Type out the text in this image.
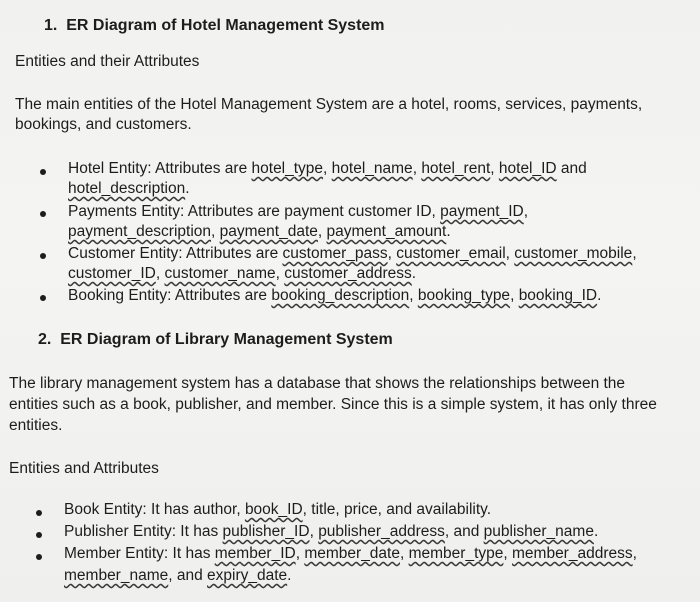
1. ER Diagram of Hotel Management System
Entities and their Attributes
The main entities of the Hotel Management System are a hotel, rooms, services, payments,
bookings, and customers.
Hotel Entity: Attributes are hotel_type, hotel_name, hotel_rent, hotel_ID and
hotel_description.
Payments Entity: Attributes are payment customer ID, payment_ID,
payment_description, payment_date, payment_amount.
Customer Entity: Attributes are customer_pass, customer_email, customer_mobile,
customer_ID, customer_name, customer_address.
Booking Entity: Attributes are booking_description, booking_type, booking_ID.
2. ER Diagram of Library Management System
The library management system has a database that shows the relationships between the
entities such as a book, publisher, and member. Since this is a simple system, it has only three
entities.
Entities and Attributes
Book Entity: It has author, book_ID, title, price, and availability.
Publisher Entity: It has publisher_ID, publisher_address, and publisher_name.
Member Entity: It has member_ID, member_date, member_type, member_address,
member_name, and expiry_date.
